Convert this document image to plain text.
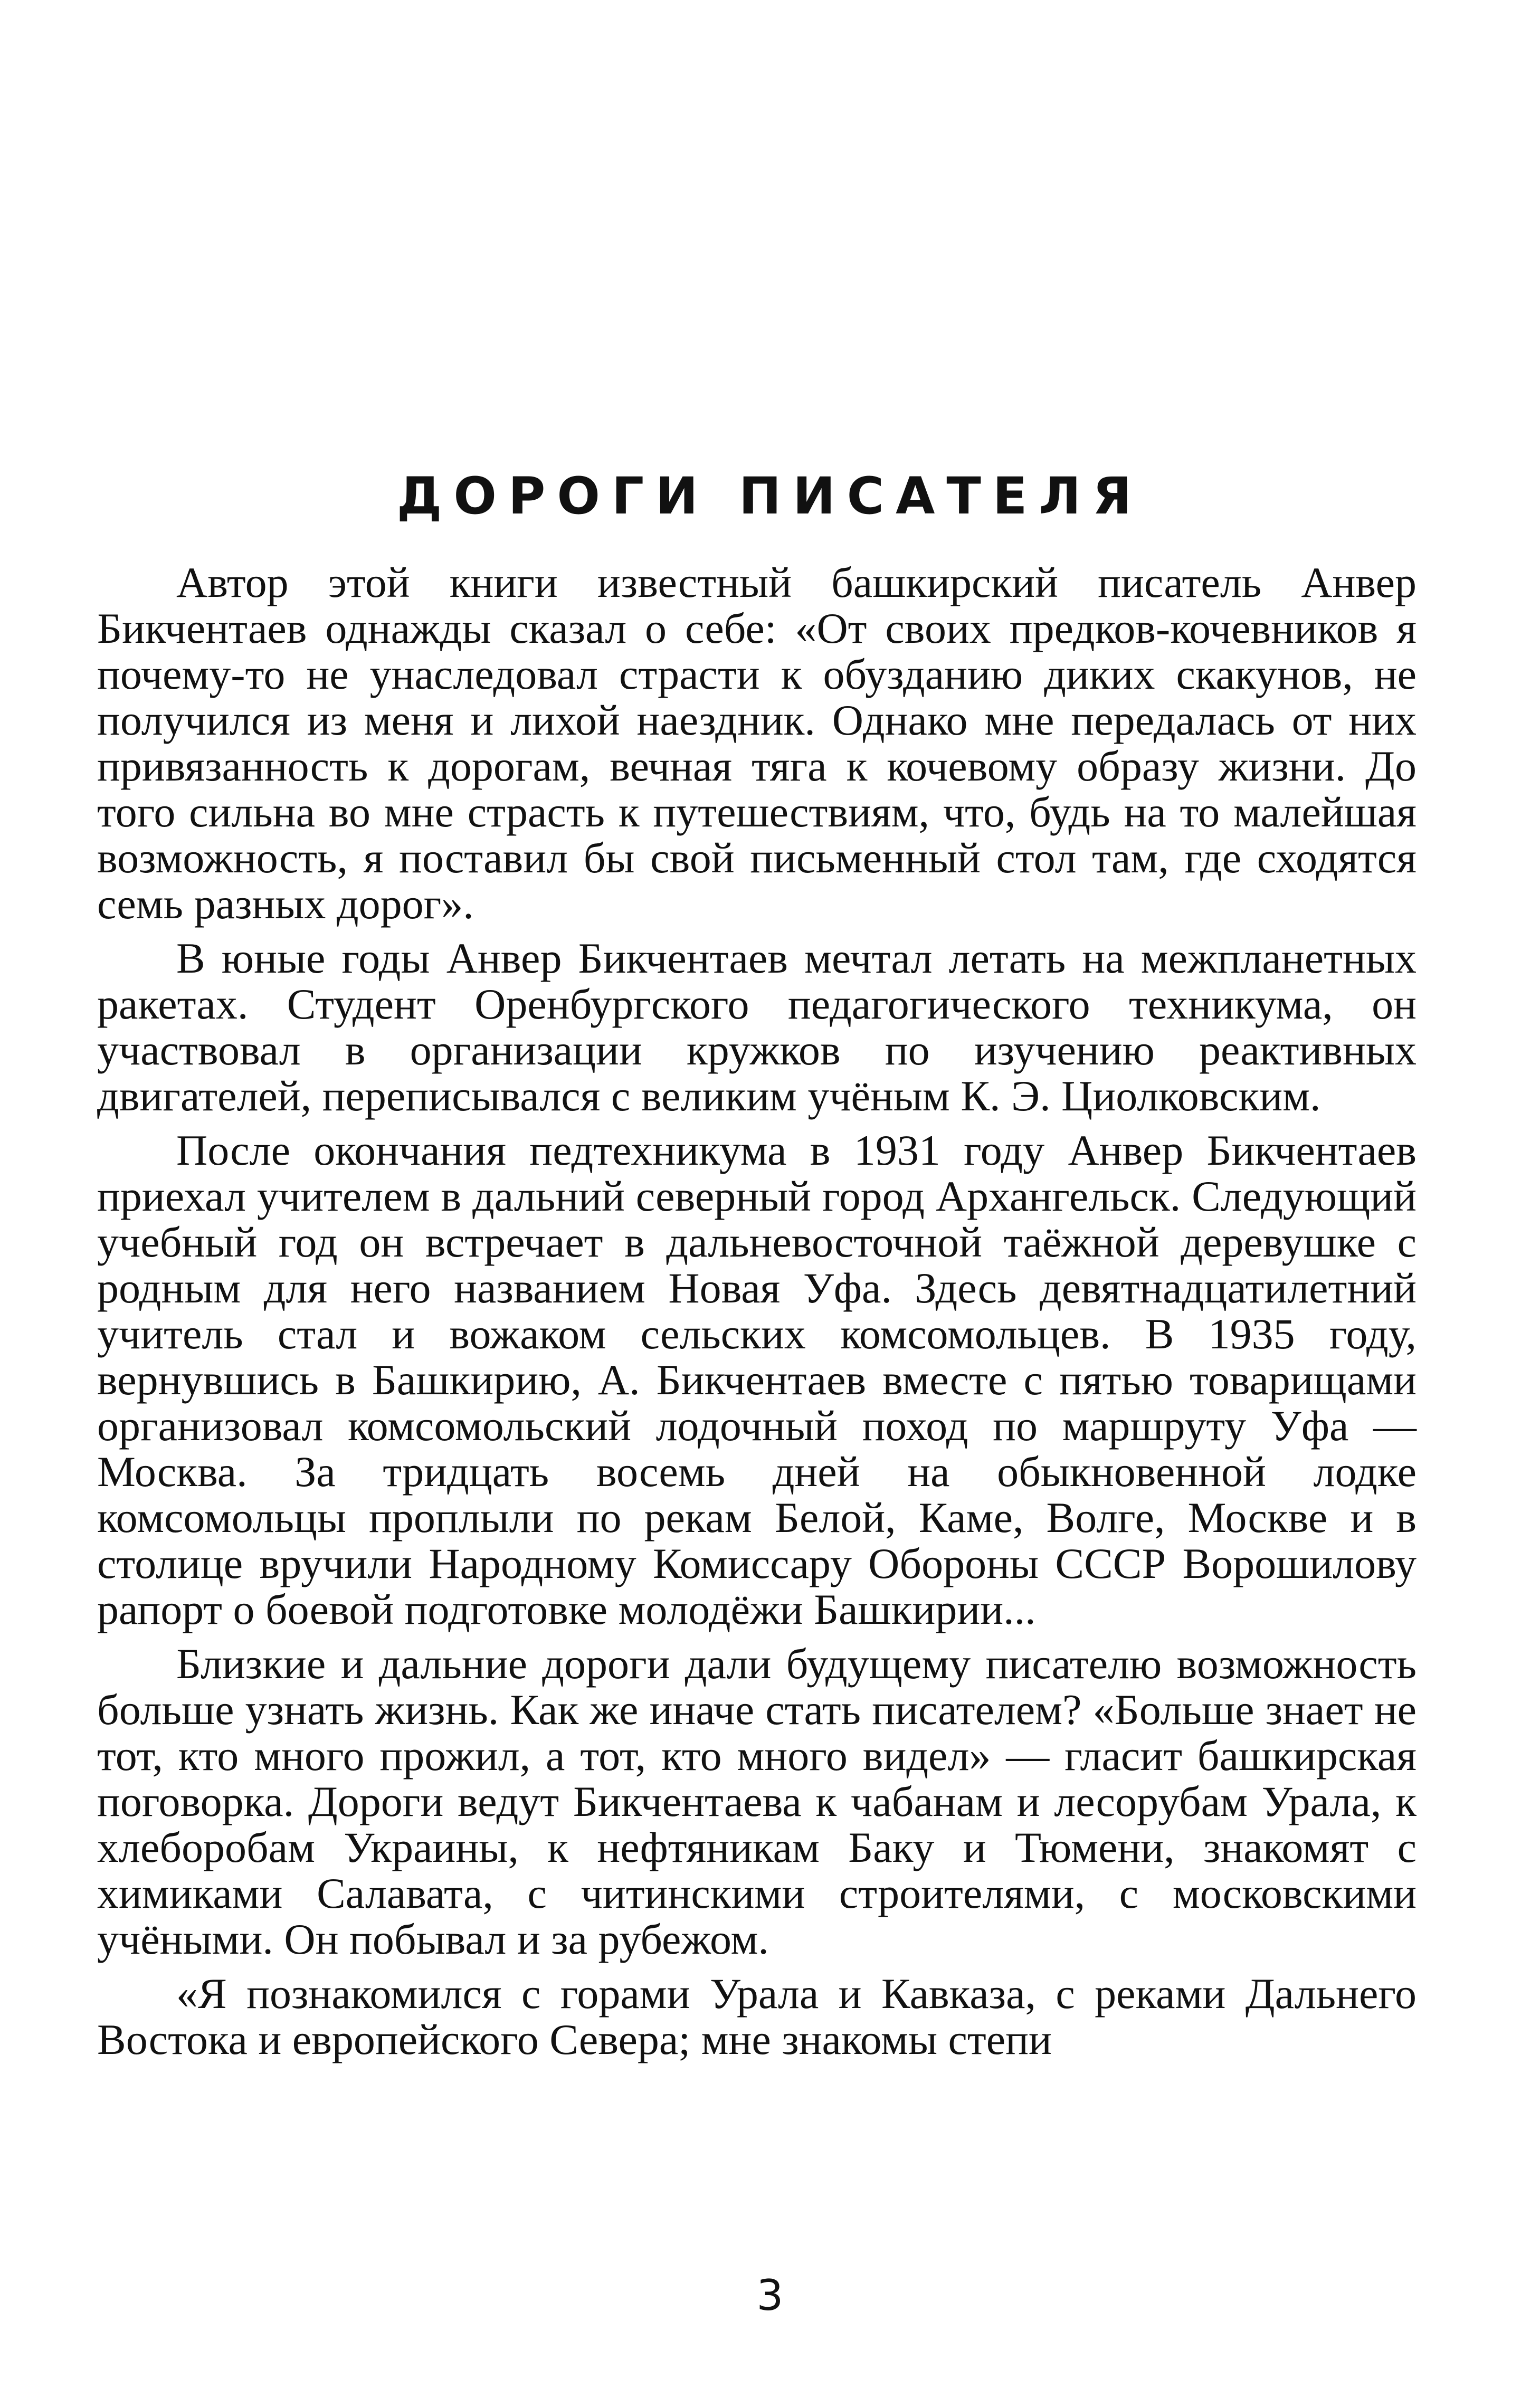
ДОРОГИ ПИСАТЕЛЯ

Автор этой книги известный башкирский писатель Анвер Бикчентаев однажды сказал о себе: «От своих предков-кочевников я почему-то не унаследовал страсти к обузданию диких скакунов, не получился из меня и лихой наездник. Однако мне передалась от них привязанность к дорогам, вечная тяга к кочевому образу жизни. До того сильна во мне страсть к путешествиям, что, будь на то малейшая возможность, я поставил бы свой письменный стол там, где сходятся семь разных дорог».

В юные годы Анвер Бикчентаев мечтал летать на межпланетных ракетах. Студент Оренбургского педагогического техникума, он участвовал в организации кружков по изучению реактивных двигателей, переписывался с великим учёным К. Э. Циолковским.

После окончания педтехникума в 1931 году Анвер Бикчентаев приехал учителем в дальний северный город Архангельск. Следующий учебный год он встречает в дальневосточной таёжной деревушке с родным для него названием Новая Уфа. Здесь девятнадцатилетний учитель стал и вожаком сельских комсомольцев. В 1935 году, вернувшись в Башкирию, А. Бикчентаев вместе с пятью товарищами организовал комсомольский лодочный поход по маршруту Уфа — Москва. За тридцать восемь дней на обыкновенной лодке комсомольцы проплыли по рекам Белой, Каме, Волге, Москве и в столице вручили Народному Комиссару Обороны СССР Ворошилову рапорт о боевой подготовке молодёжи Башкирии...

Близкие и дальние дороги дали будущему писателю возможность больше узнать жизнь. Как же иначе стать писателем? «Больше знает не тот, кто много прожил, а тот, кто много видел» — гласит башкирская поговорка. Дороги ведут Бикчентаева к чабанам и лесорубам Урала, к хлеборобам Украины, к нефтяникам Баку и Тюмени, знакомят с химиками Салавата, с читинскими строителями, с московскими учёными. Он побывал и за рубежом.

«Я познакомился с горами Урала и Кавказа, с реками Дальнего Востока и европейского Севера; мне знакомы степи

3
